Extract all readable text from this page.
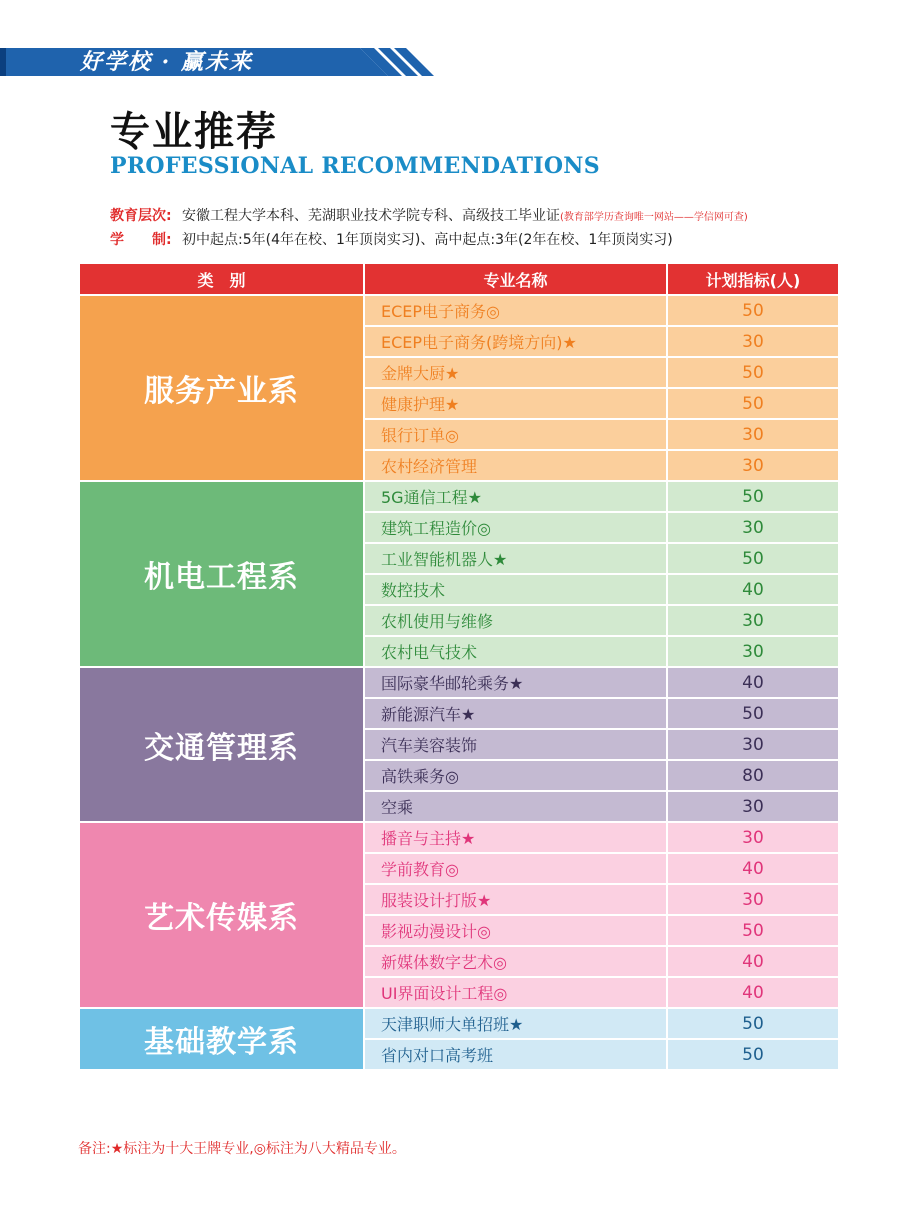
好学校 · 赢未来
专业推荐
PROFESSIONAL RECOMMENDATIONS
教育层次: 安徽工程大学本科、芜湖职业技术学院专科、高级技工毕业证(教育部学历查询唯一网站——学信网可查)
学　　制: 初中起点:5年(4年在校、1年顶岗实习)、高中起点:3年(2年在校、1年顶岗实习)
类　别	专业名称	计划指标(人)
服务产业系	ECEP电子商务◎	50
	ECEP电子商务(跨境方向)★	30
	金牌大厨★	50
	健康护理★	50
	银行订单◎	30
	农村经济管理	30
机电工程系	5G通信工程★	50
	建筑工程造价◎	30
	工业智能机器人★	50
	数控技术	40
	农机使用与维修	30
	农村电气技术	30
交通管理系	国际豪华邮轮乘务★	40
	新能源汽车★	50
	汽车美容装饰	30
	高铁乘务◎	80
	空乘	30
艺术传媒系	播音与主持★	30
	学前教育◎	40
	服装设计打版★	30
	影视动漫设计◎	50
	新媒体数字艺术◎	40
	UI界面设计工程◎	40
基础教学系	天津职师大单招班★	50
	省内对口高考班	50
备注:★标注为十大王牌专业,◎标注为八大精品专业。
